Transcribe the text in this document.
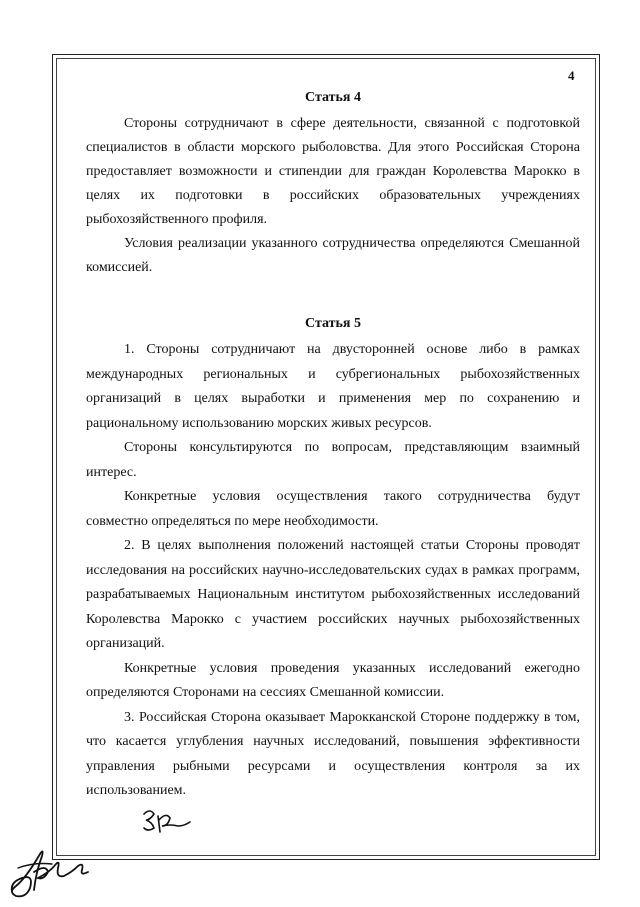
4
Статья 4

Стороны сотрудничают в сфере деятельности, связанной с подготовкой специалистов в области морского рыболовства. Для этого Российская Сторона предоставляет возможности и стипендии для граждан Королевства Марокко в целях их подготовки в российских образовательных учреждениях рыбохозяйственного профиля.

Условия реализации указанного сотрудничества определяются Смешанной комиссией.

Статья 5

1. Стороны сотрудничают на двусторонней основе либо в рамках международных региональных и субрегиональных рыбохозяйственных организаций в целях выработки и применения мер по сохранению и рациональному использованию морских живых ресурсов.

Стороны консультируются по вопросам, представляющим взаимный интерес.

Конкретные условия осуществления такого сотрудничества будут совместно определяться по мере необходимости.

2. В целях выполнения положений настоящей статьи Стороны проводят исследования на российских научно-исследовательских судах в рамках программ, разрабатываемых Национальным институтом рыбохозяйственных исследований Королевства Марокко с участием российских научных рыбохозяйственных организаций.

Конкретные условия проведения указанных исследований ежегодно определяются Сторонами на сессиях Смешанной комиссии.

3. Российская Сторона оказывает Марокканской Стороне поддержку в том, что касается углубления научных исследований, повышения эффективности управления рыбными ресурсами и осуществления контроля за их использованием.
